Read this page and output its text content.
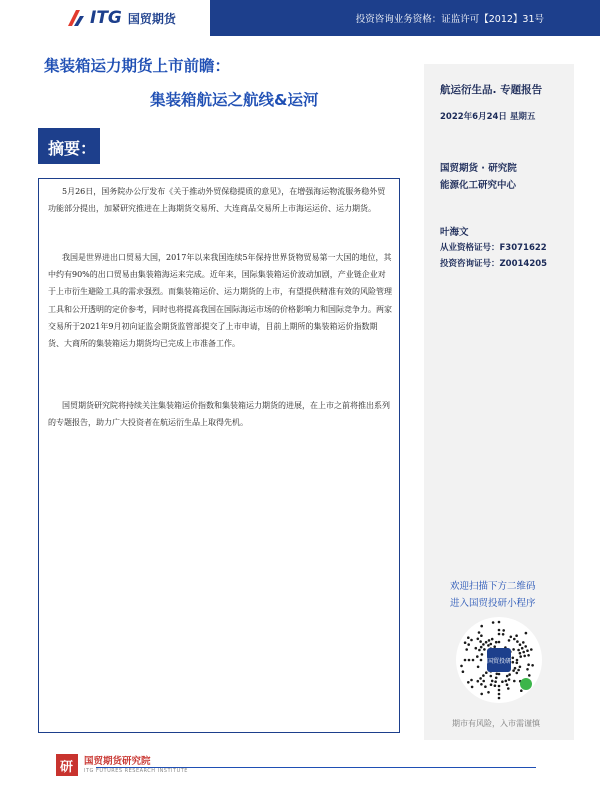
ITG 国贸期货	投资咨询业务资格：证监许可【2012】31号
集装箱运力期货上市前瞻：
集装箱航运之航线&运河
摘要：

5月26日，国务院办公厅发布《关于推动外贸保稳提质的意见》，在增强海运物流服务稳外贸功能部分提出，加紧研究推进在上海期货交易所、大连商品交易所上市海运运价、运力期货。

我国是世界进出口贸易大国，2017年以来我国连续5年保持世界货物贸易第一大国的地位，其中约有90%的出口贸易由集装箱海运来完成。近年来，国际集装箱运价波动加剧，产业链企业对于上市衍生避险工具的需求强烈。而集装箱运价、运力期货的上市，有望提供精准有效的风险管理工具和公开透明的定价参考，同时也将提高我国在国际海运市场的价格影响力和国际竞争力。两家交易所于2021年9月初向证监会期货监管部提交了上市申请，目前上期所的集装箱运价指数期货、大商所的集装箱运力期货均已完成上市准备工作。

国贸期货研究院将持续关注集装箱运价指数和集装箱运力期货的进展，在上市之前将推出系列的专题报告，助力广大投资者在航运衍生品上取得先机。

航运衍生品. 专题报告
2022年6月24日 星期五
国贸期货 · 研究院
能源化工研究中心
叶海文
从业资格证号：F3071622
投资咨询证号：Z0014205
欢迎扫描下方二维码
进入国贸投研小程序
国贸投研
期市有风险，入市需谨慎
研 国贸期货研究院
ITG FUTURES RESEARCH INSTITUTE
